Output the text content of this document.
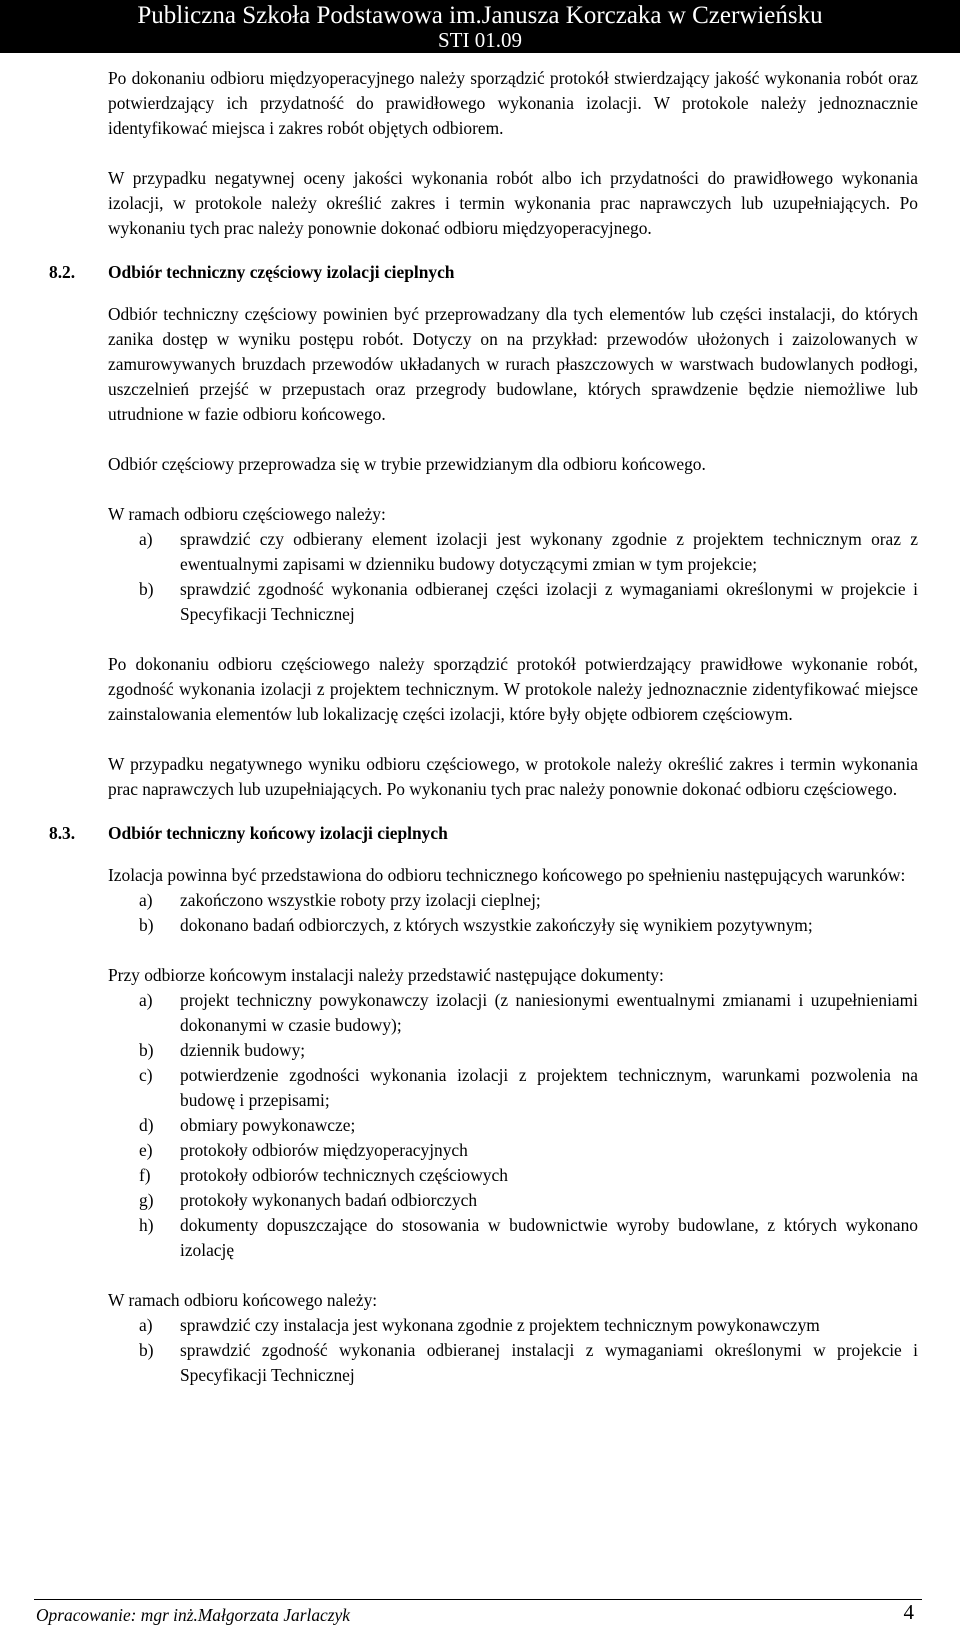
Publiczna Szkoła Podstawowa im.Janusza Korczaka w Czerwieńsku
STI 01.09

Po dokonaniu odbioru międzyoperacyjnego należy sporządzić protokół stwierdzający jakość wykonania robót oraz potwierdzający ich przydatność do prawidłowego wykonania izolacji. W protokole należy jednoznacznie identyfikować miejsca i zakres robót objętych odbiorem.

W przypadku negatywnej oceny jakości wykonania robót albo ich przydatności do prawidłowego wykonania izolacji, w protokole należy określić zakres i termin wykonania prac naprawczych lub uzupełniających. Po wykonaniu tych prac należy ponownie dokonać odbioru międzyoperacyjnego.

8.2. Odbiór techniczny częściowy izolacji cieplnych

Odbiór techniczny częściowy powinien być przeprowadzany dla tych elementów lub części instalacji, do których zanika dostęp w wyniku postępu robót. Dotyczy on na przykład: przewodów ułożonych i zaizolowanych w zamurowywanych bruzdach przewodów układanych w rurach płaszczowych w warstwach budowlanych podłogi, uszczelnień przejść w przepustach oraz przegrody budowlane, których sprawdzenie będzie niemożliwe lub utrudnione w fazie odbioru końcowego.

Odbiór częściowy przeprowadza się w trybie przewidzianym dla odbioru końcowego.

W ramach odbioru częściowego należy:

a) sprawdzić czy odbierany element izolacji jest wykonany zgodnie z projektem technicznym oraz z ewentualnymi zapisami w dzienniku budowy dotyczącymi zmian w tym projekcie;
b) sprawdzić zgodność wykonania odbieranej części izolacji z wymaganiami określonymi w projekcie i Specyfikacji Technicznej

Po dokonaniu odbioru częściowego należy sporządzić protokół potwierdzający prawidłowe wykonanie robót, zgodność wykonania izolacji z projektem technicznym. W protokole należy jednoznacznie zidentyfikować miejsce zainstalowania elementów lub lokalizację części izolacji, które były objęte odbiorem częściowym.

W przypadku negatywnego wyniku odbioru częściowego, w protokole należy określić zakres i termin wykonania prac naprawczych lub uzupełniających. Po wykonaniu tych prac należy ponownie dokonać odbioru częściowego.

8.3. Odbiór techniczny końcowy izolacji cieplnych

Izolacja powinna być przedstawiona do odbioru technicznego końcowego po spełnieniu następujących warunków:

a) zakończono wszystkie roboty przy izolacji cieplnej;
b) dokonano badań odbiorczych, z których wszystkie zakończyły się wynikiem pozytywnym;

Przy odbiorze końcowym instalacji należy przedstawić następujące dokumenty:

a) projekt techniczny powykonawczy izolacji (z naniesionymi ewentualnymi zmianami i uzupełnieniami dokonanymi w czasie budowy);
b) dziennik budowy;
c) potwierdzenie zgodności wykonania izolacji z projektem technicznym, warunkami pozwolenia na budowę i przepisami;
d) obmiary powykonawcze;
e) protokoły odbiorów międzyoperacyjnych
f) protokoły odbiorów technicznych częściowych
g) protokoły wykonanych badań odbiorczych
h) dokumenty dopuszczające do stosowania w budownictwie wyroby budowlane, z których wykonano izolację

W ramach odbioru końcowego należy:

a) sprawdzić czy instalacja jest wykonana zgodnie z projektem technicznym powykonawczym
b) sprawdzić zgodność wykonania odbieranej instalacji z wymaganiami określonymi w projekcie i Specyfikacji Technicznej
Opracowanie: mgr inż.Małgorzata Jarlaczyk	4
